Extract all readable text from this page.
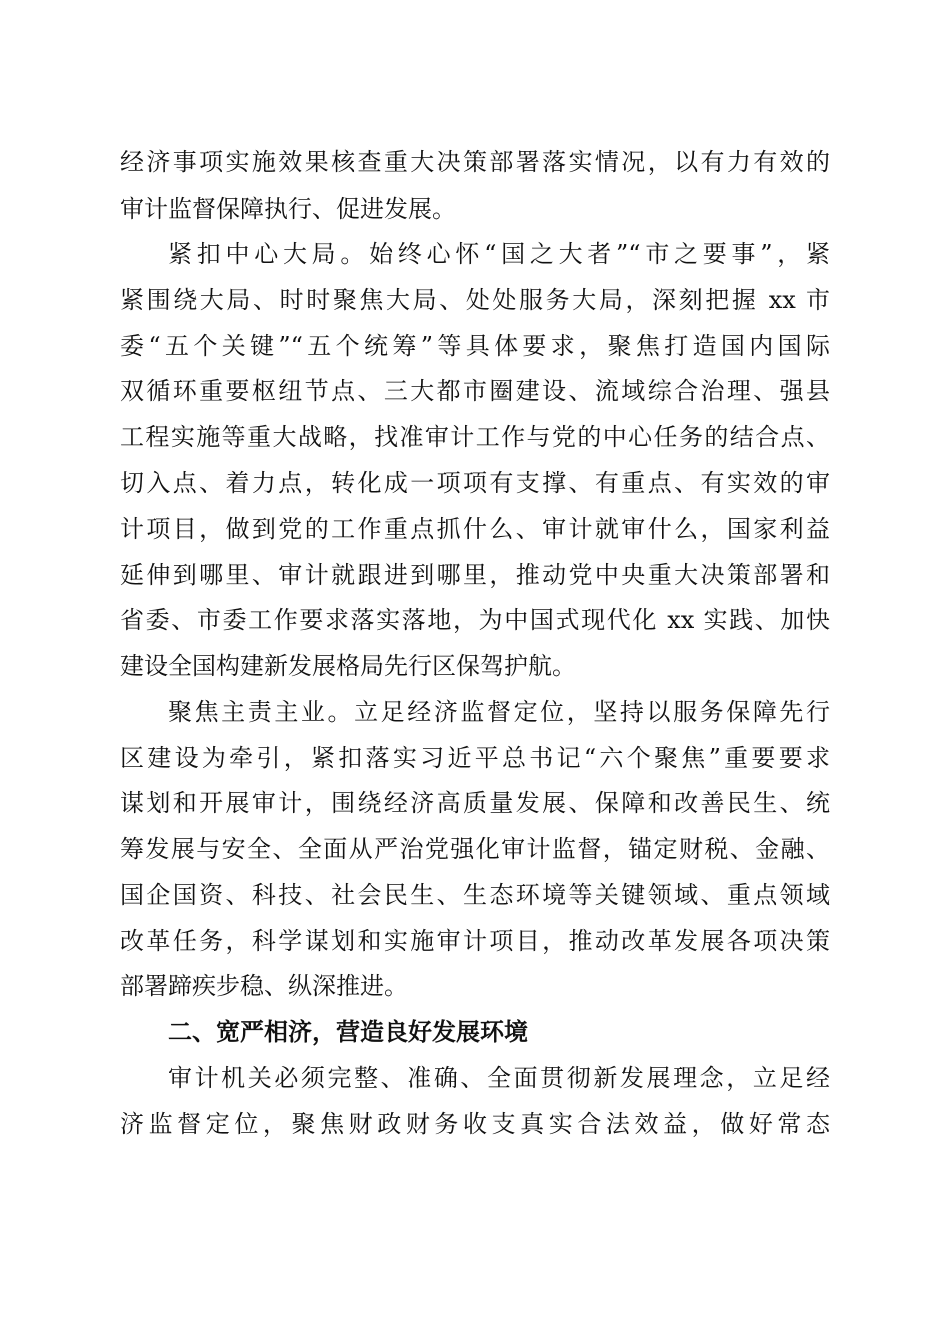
经济事项实施效果核查重大决策部署落实情况，以有力有效的
审计监督保障执行、促进发展。
紧扣中心大局。始终心怀“国之大者”“市之要事”，紧
紧围绕大局、时时聚焦大局、处处服务大局，深刻把握 xx 市
委“五个关键”“五个统筹”等具体要求，聚焦打造国内国际
双循环重要枢纽节点、三大都市圈建设、流域综合治理、强县
工程实施等重大战略，找准审计工作与党的中心任务的结合点、
切入点、着力点，转化成一项项有支撑、有重点、有实效的审
计项目，做到党的工作重点抓什么、审计就审什么，国家利益
延伸到哪里、审计就跟进到哪里，推动党中央重大决策部署和
省委、市委工作要求落实落地，为中国式现代化 xx 实践、加快
建设全国构建新发展格局先行区保驾护航。
聚焦主责主业。立足经济监督定位，坚持以服务保障先行
区建设为牵引，紧扣落实习近平总书记“六个聚焦”重要要求
谋划和开展审计，围绕经济高质量发展、保障和改善民生、统
筹发展与安全、全面从严治党强化审计监督，锚定财税、金融、
国企国资、科技、社会民生、生态环境等关键领域、重点领域
改革任务，科学谋划和实施审计项目，推动改革发展各项决策
部署蹄疾步稳、纵深推进。
二、宽严相济，营造良好发展环境
审计机关必须完整、准确、全面贯彻新发展理念，立足经
济监督定位，聚焦财政财务收支真实合法效益，做好常态
